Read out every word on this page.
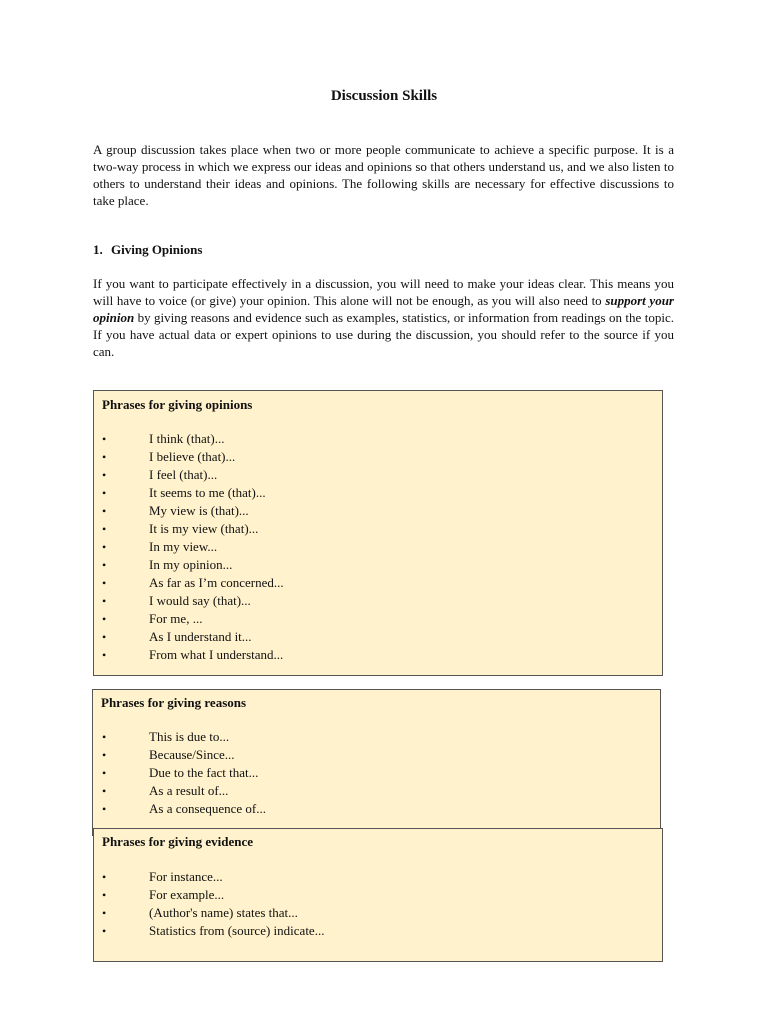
Discussion Skills

A group discussion takes place when two or more people communicate to achieve a specific purpose. It is a two-way process in which we express our ideas and opinions so that others understand us, and we also listen to others to understand their ideas and opinions. The following skills are necessary for effective discussions to take place.

1. Giving Opinions

If you want to participate effectively in a discussion, you will need to make your ideas clear. This means you will have to voice (or give) your opinion. This alone will not be enough, as you will also need to support your opinion by giving reasons and evidence such as examples, statistics, or information from readings on the topic. If you have actual data or expert opinions to use during the discussion, you should refer to the source if you can.

Phrases for giving opinions

•	I think (that)...
•	I believe (that)...
•	I feel (that)...
•	It seems to me (that)...
•	My view is (that)...
•	It is my view (that)...
•	In my view...
•	In my opinion...
•	As far as I’m concerned...
•	I would say (that)...
•	For me, ...
•	As I understand it...
•	From what I understand...

Phrases for giving reasons

•	This is due to...
•	Because/Since...
•	Due to the fact that...
•	As a result of...
•	As a consequence of...

Phrases for giving evidence

•	For instance...
•	For example...
•	(Author's name) states that...
•	Statistics from (source) indicate...
